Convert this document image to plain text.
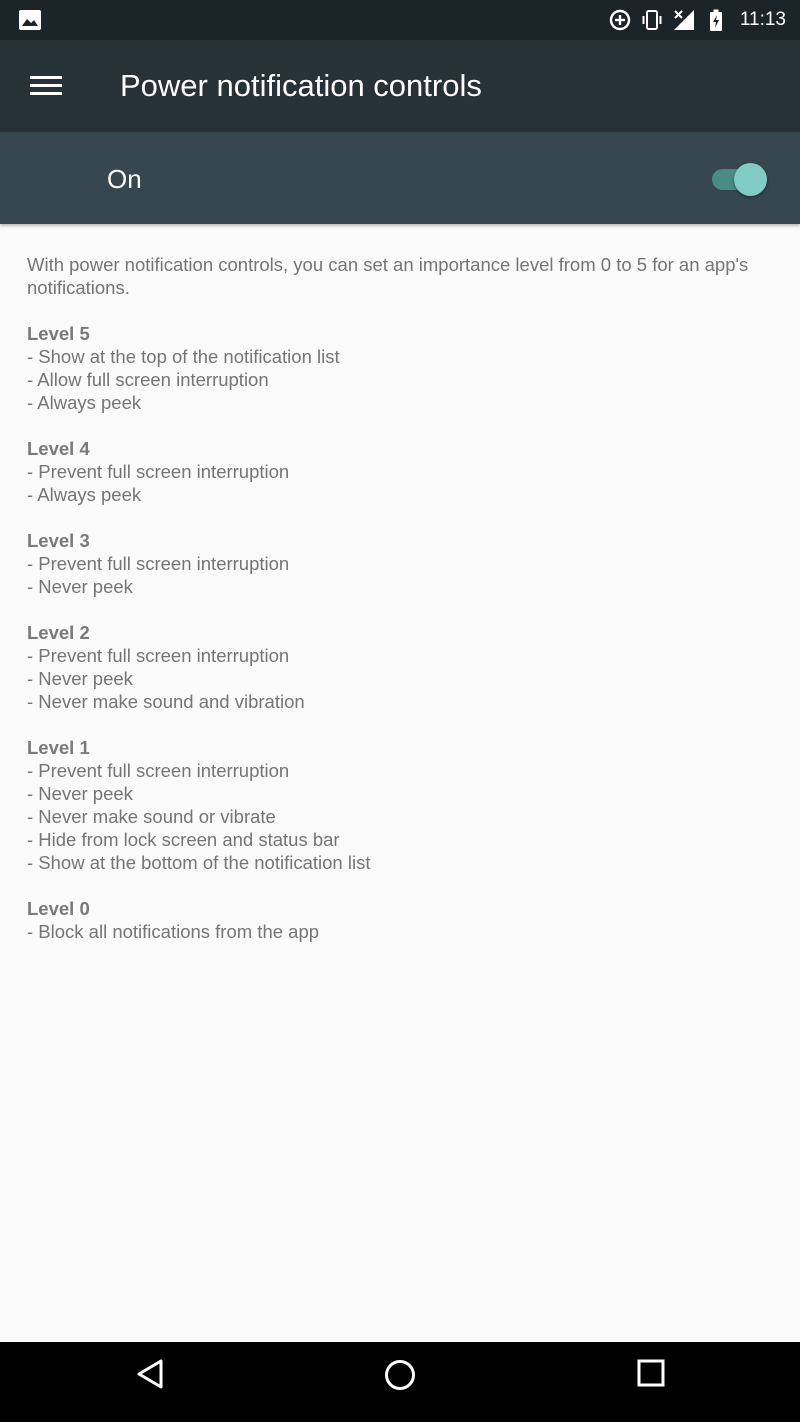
11:13
Power notification controls
On

With power notification controls, you can set an importance level from 0 to 5 for an app's notifications.

Level 5
- Show at the top of the notification list
- Allow full screen interruption
- Always peek
Level 4
- Prevent full screen interruption
- Always peek
Level 3
- Prevent full screen interruption
- Never peek
Level 2
- Prevent full screen interruption
- Never peek
- Never make sound and vibration
Level 1
- Prevent full screen interruption
- Never peek
- Never make sound or vibrate
- Hide from lock screen and status bar
- Show at the bottom of the notification list
Level 0
- Block all notifications from the app
